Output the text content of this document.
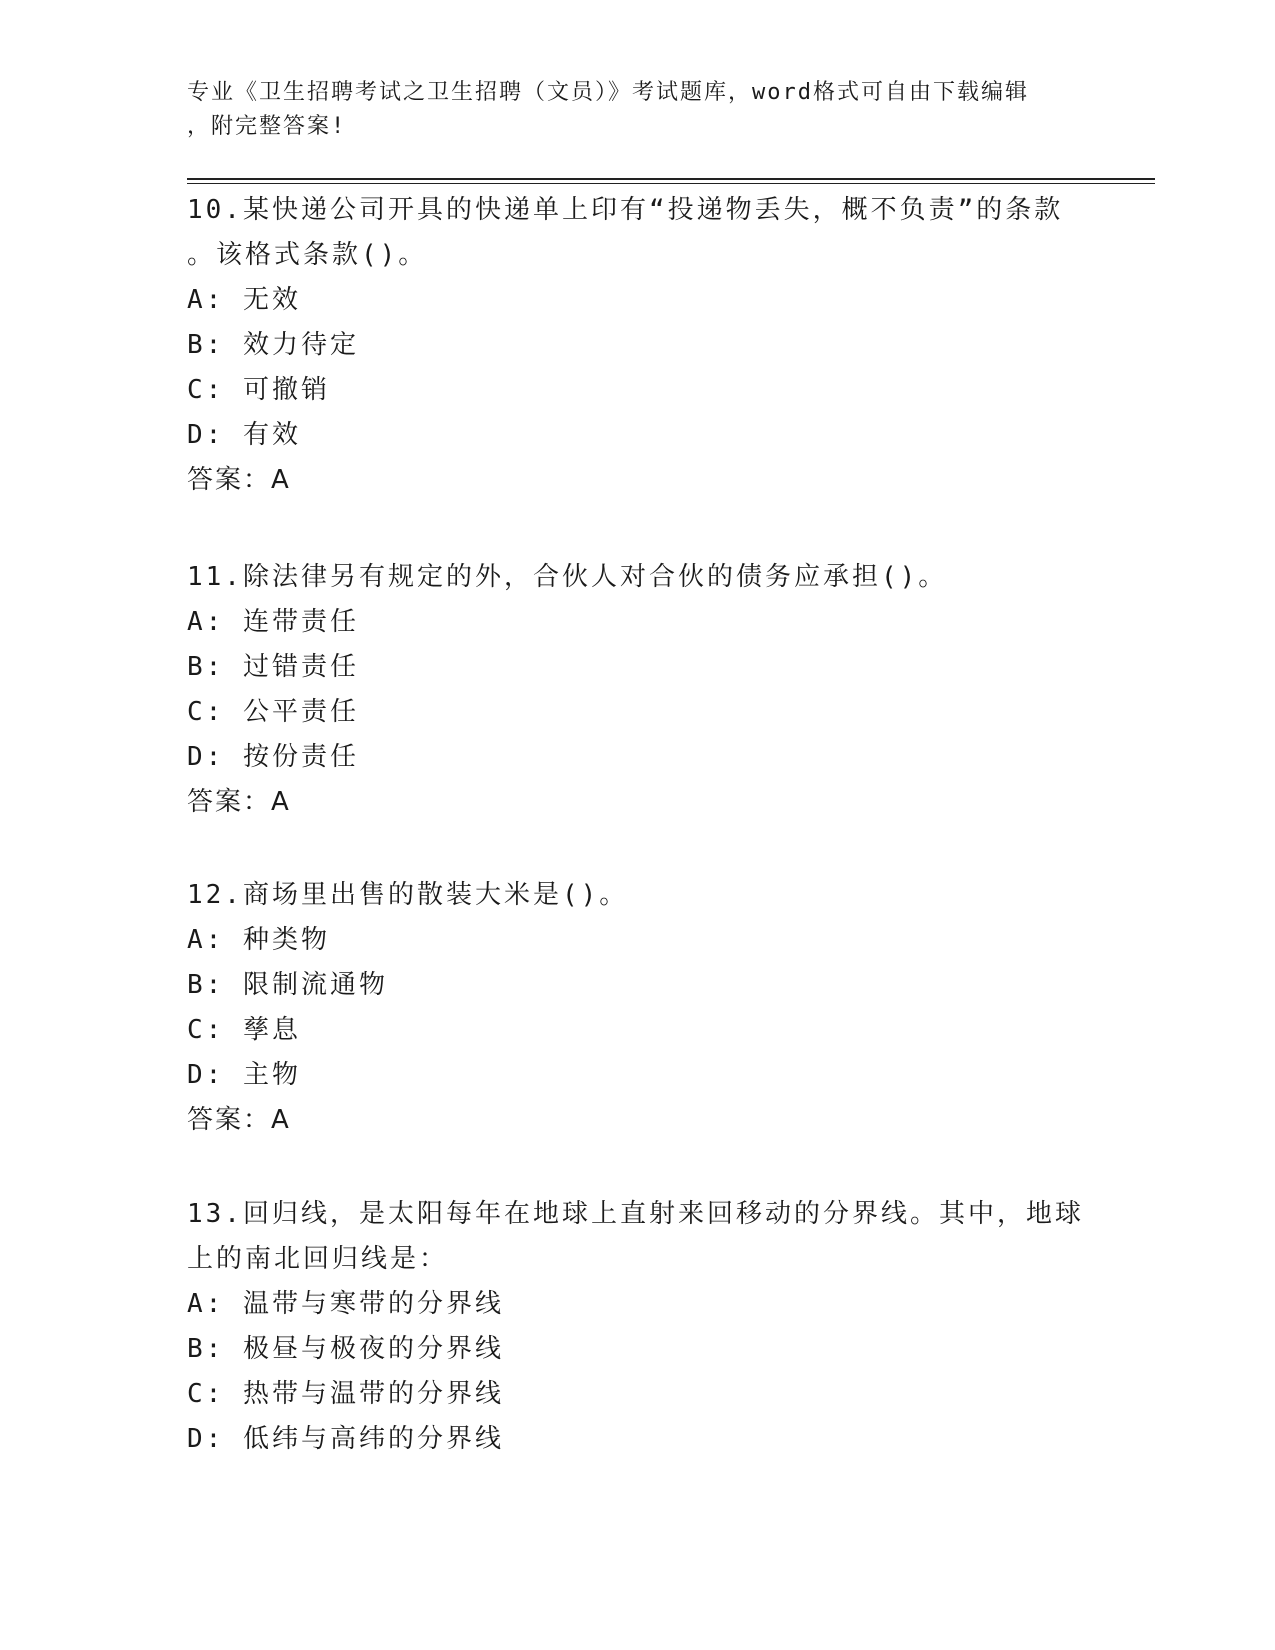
专业《卫生招聘考试之卫生招聘（文员）》考试题库，word格式可自由下载编辑
，附完整答案!
10.某快递公司开具的快递单上印有“投递物丢失，概不负责”的条款
。该格式条款()。
A: 无效
B: 效力待定
C: 可撤销
D: 有效
答案：A
11.除法律另有规定的外，合伙人对合伙的债务应承担()。
A: 连带责任
B: 过错责任
C: 公平责任
D: 按份责任
答案：A
12.商场里出售的散装大米是()。
A: 种类物
B: 限制流通物
C: 孳息
D: 主物
答案：A
13.回归线，是太阳每年在地球上直射来回移动的分界线。其中，地球
上的南北回归线是：
A: 温带与寒带的分界线
B: 极昼与极夜的分界线
C: 热带与温带的分界线
D: 低纬与高纬的分界线
